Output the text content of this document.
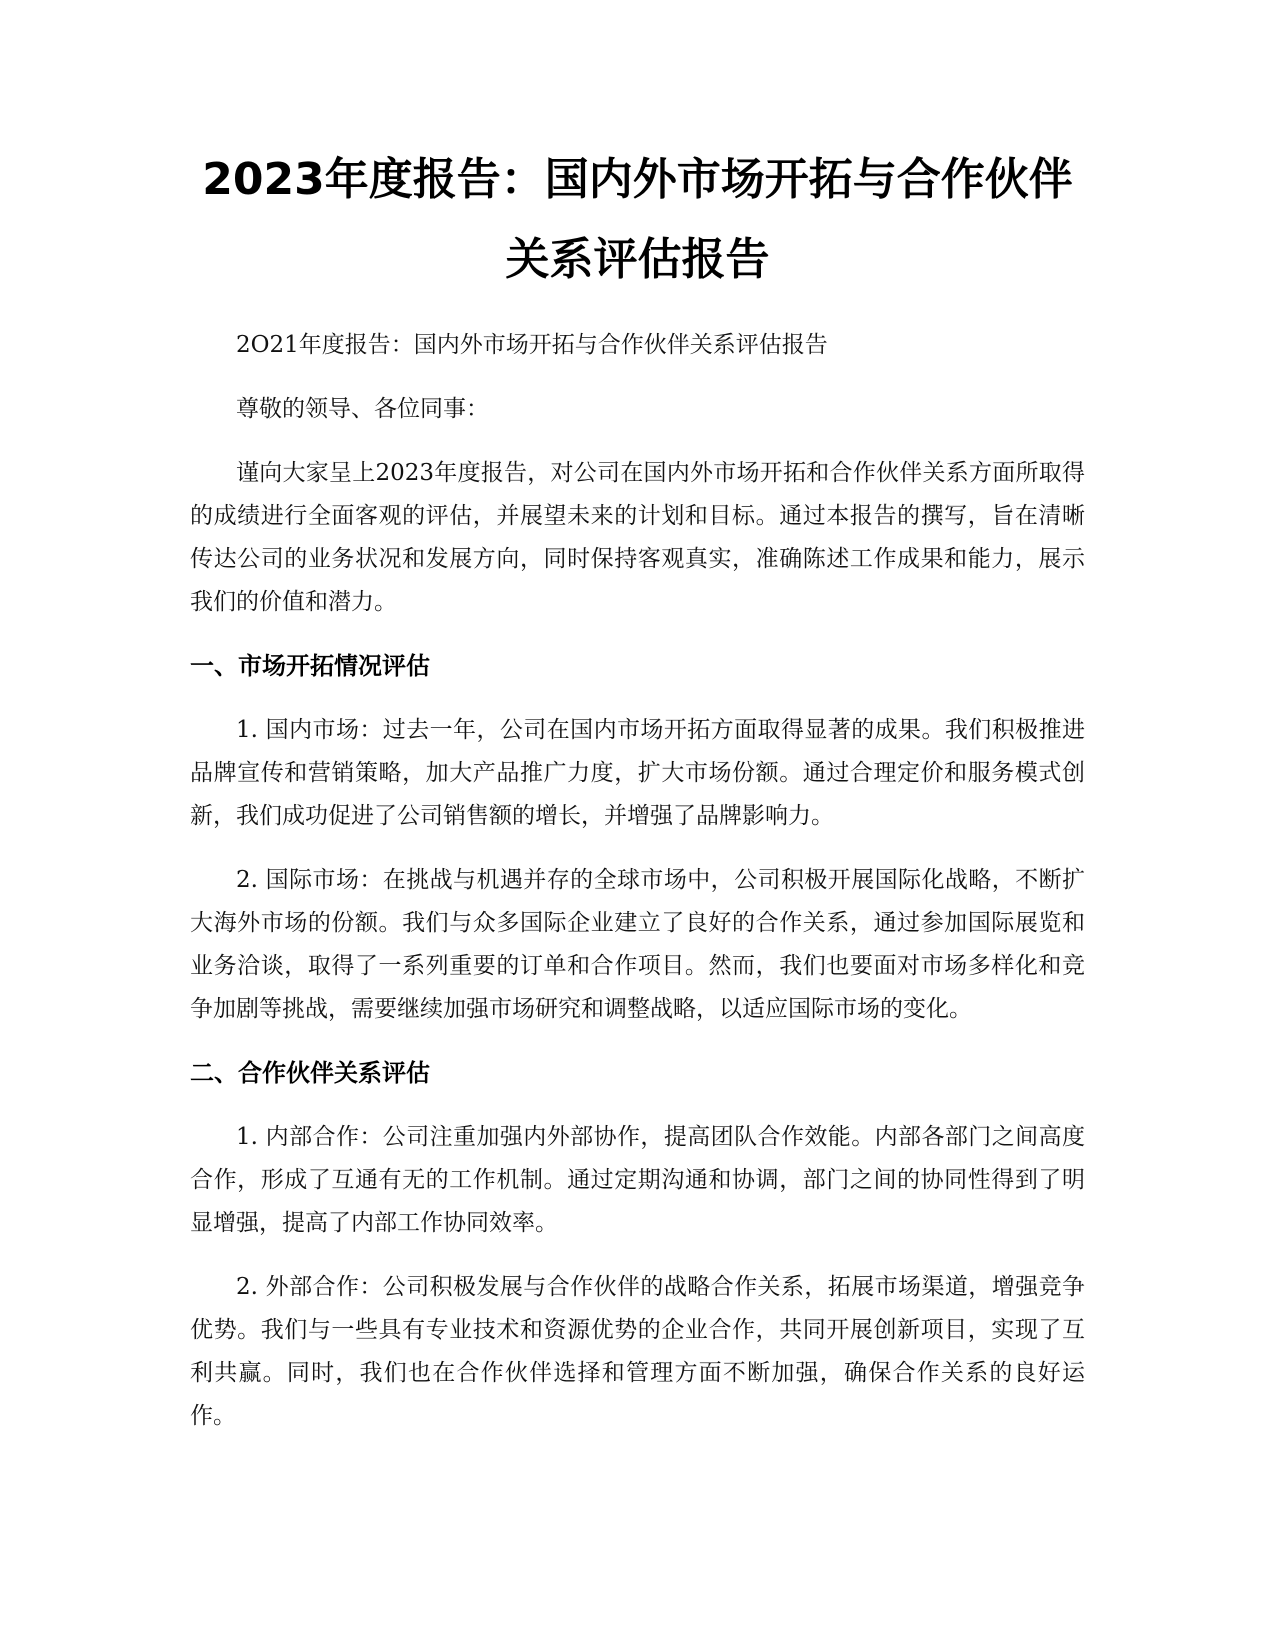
2023年度报告：国内外市场开拓与合作伙伴关系评估报告

2O21年度报告：国内外市场开拓与合作伙伴关系评估报告

尊敬的领导、各位同事：

谨向大家呈上2023年度报告，对公司在国内外市场开拓和合作伙伴关系方面所取得的成绩进行全面客观的评估，并展望未来的计划和目标。通过本报告的撰写，旨在清晰传达公司的业务状况和发展方向，同时保持客观真实，准确陈述工作成果和能力，展示我们的价值和潜力。

一、市场开拓情况评估

1. 国内市场：过去一年，公司在国内市场开拓方面取得显著的成果。我们积极推进品牌宣传和营销策略，加大产品推广力度，扩大市场份额。通过合理定价和服务模式创新，我们成功促进了公司销售额的增长，并增强了品牌影响力。

2. 国际市场：在挑战与机遇并存的全球市场中，公司积极开展国际化战略，不断扩大海外市场的份额。我们与众多国际企业建立了良好的合作关系，通过参加国际展览和业务洽谈，取得了一系列重要的订单和合作项目。然而，我们也要面对市场多样化和竞争加剧等挑战，需要继续加强市场研究和调整战略，以适应国际市场的变化。

二、合作伙伴关系评估

1. 内部合作：公司注重加强内外部协作，提高团队合作效能。内部各部门之间高度合作，形成了互通有无的工作机制。通过定期沟通和协调，部门之间的协同性得到了明显增强，提高了内部工作协同效率。

2. 外部合作：公司积极发展与合作伙伴的战略合作关系，拓展市场渠道，增强竞争优势。我们与一些具有专业技术和资源优势的企业合作，共同开展创新项目，实现了互利共赢。同时，我们也在合作伙伴选择和管理方面不断加强，确保合作关系的良好运作。
